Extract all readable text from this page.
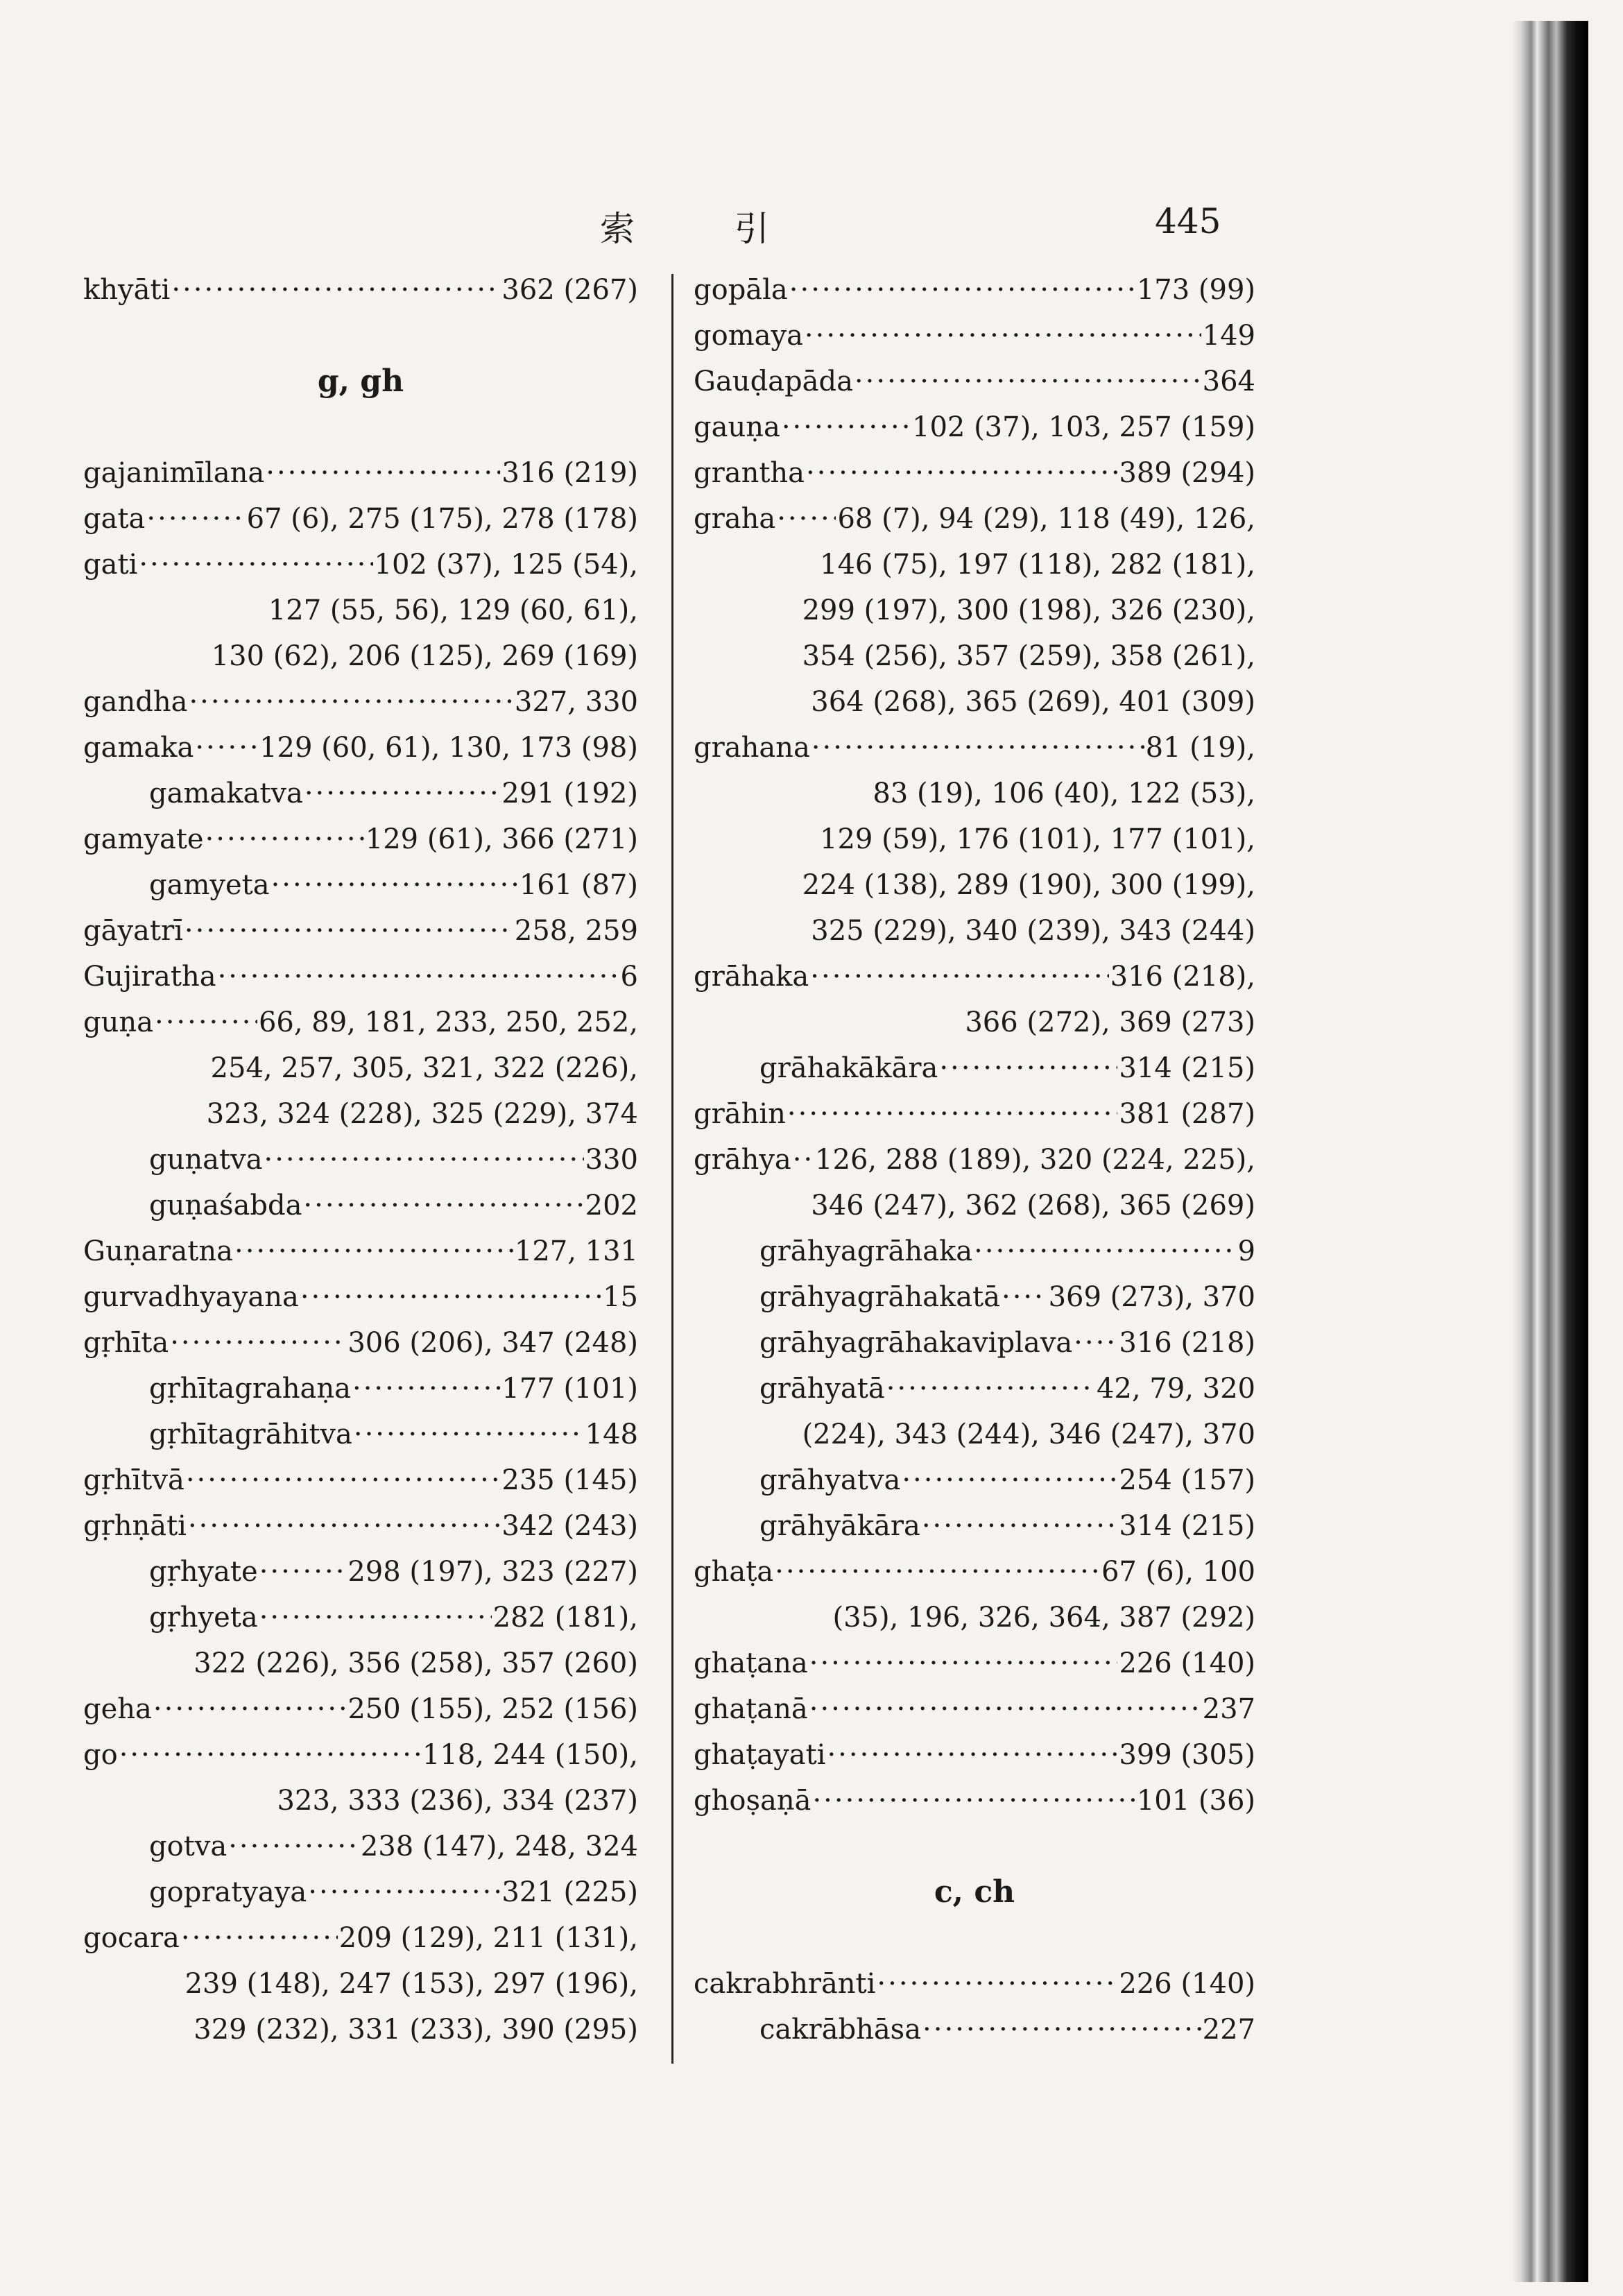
索 引	445
khyāti ·····	362 (267)
g, gh
gajanimīlana ·····	316 (219)
gata ·····	67 (6), 275 (175), 278 (178)
gati ·····	102 (37), 125 (54),
127 (55, 56), 129 (60, 61),
130 (62), 206 (125), 269 (169)
gandha ·····	327, 330
gamaka ····· 129 (60, 61), 130, 173 (98)
gamakatva ·····	291 (192)
gamyate ·····	129 (61), 366 (271)
gamyeta ·····	161 (87)
gāyatrī ·····	258, 259
Gujiratha ·····	6
guṇa ·····	66, 89, 181, 233, 250, 252,
254, 257, 305, 321, 322 (226),
323, 324 (228), 325 (229), 374
guṇatva ·····	330
guṇaśabda ·····	202
Guṇaratna ·····	127, 131
gurvadhyayana ·····	15
gṛhīta ·····	306 (206), 347 (248)
gṛhītagrahaṇa ·····	177 (101)
gṛhītagrāhitva ·····	148
gṛhītvā ·····	235 (145)
gṛhṇāti ·····	342 (243)
gṛhyate ·····	298 (197), 323 (227)
gṛhyeta ·····	282 (181),
322 (226), 356 (258), 357 (260)
geha ·····	250 (155), 252 (156)
go ·····	118, 244 (150),
323, 333 (236), 334 (237)
gotva ·····	238 (147), 248, 324
gopratyaya ·····	321 (225)
gocara ·····	209 (129), 211 (131),
239 (148), 247 (153), 297 (196),
329 (232), 331 (233), 390 (295)
gopāla ·····	173 (99)
gomaya ·····	149
Gauḍapāda ·····	364
gauṇa ·····	102 (37), 103, 257 (159)
grantha ·····	389 (294)
graha ····· 68 (7), 94 (29), 118 (49), 126,
146 (75), 197 (118), 282 (181),
299 (197), 300 (198), 326 (230),
354 (256), 357 (259), 358 (261),
364 (268), 365 (269), 401 (309)
grahana ·····	81 (19),
83 (19), 106 (40), 122 (53),
129 (59), 176 (101), 177 (101),
224 (138), 289 (190), 300 (199),
325 (229), 340 (239), 343 (244)
grāhaka ·····	316 (218),
366 (272), 369 (273)
grāhakākāra ·····	314 (215)
grāhin ·····	381 (287)
grāhya ····· 126, 288 (189), 320 (224, 225),
346 (247), 362 (268), 365 (269)
grāhyagrāhaka ·····	9
grāhyagrāhakatā ····· 369 (273), 370
grāhyagrāhakaviplava ····· 316 (218)
grāhyatā ·····	42, 79, 320
(224), 343 (244), 346 (247), 370
grāhyatva ·····	254 (157)
grāhyākāra ·····	314 (215)
ghaṭa ·····	67 (6), 100
(35), 196, 326, 364, 387 (292)
ghaṭana ·····	226 (140)
ghaṭanā ·····	237
ghaṭayati ·····	399 (305)
ghoṣaṇā ·····	101 (36)
c, ch
cakrabhrānti ·····	226 (140)
cakrābhāsa ·····	227
